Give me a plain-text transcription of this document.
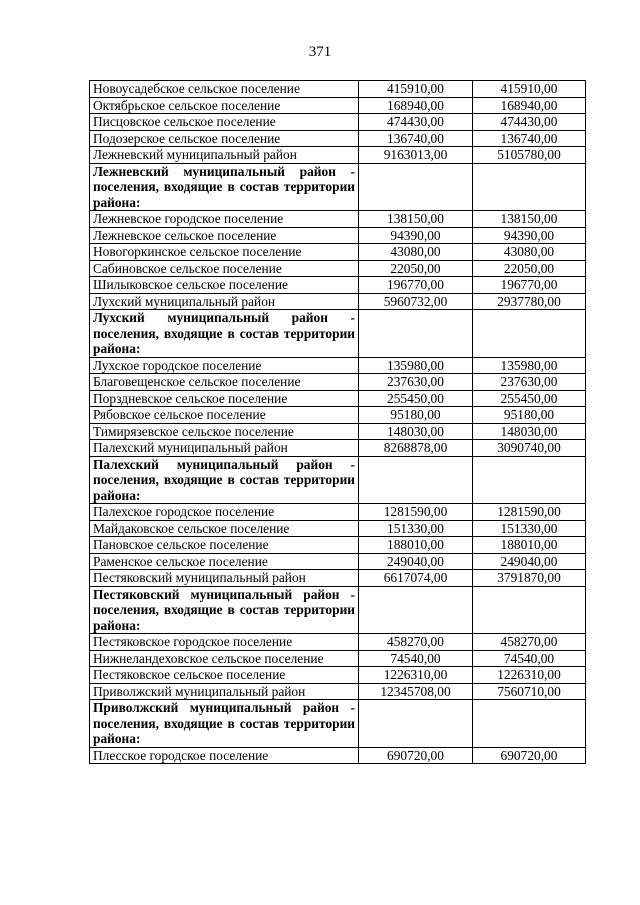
371
Новоусадебское сельское поселение	415910,00	415910,00
Октябрьское сельское поселение	168940,00	168940,00
Писцовское сельское поселение	474430,00	474430,00
Подозерское сельское поселение	136740,00	136740,00
Лежневский муниципальный район	9163013,00	5105780,00
Лежневский муниципальный район - поселения, входящие в состав территории района:		
Лежневское городское поселение	138150,00	138150,00
Лежневское сельское поселение	94390,00	94390,00
Новогоркинское сельское поселение	43080,00	43080,00
Сабиновское сельское поселение	22050,00	22050,00
Шилыковское сельское поселение	196770,00	196770,00
Лухский муниципальный район	5960732,00	2937780,00
Лухский муниципальный район - поселения, входящие в состав территории района:		
Лухское городское поселение	135980,00	135980,00
Благовещенское сельское поселение	237630,00	237630,00
Порздневское сельское поселение	255450,00	255450,00
Рябовское сельское поселение	95180,00	95180,00
Тимирязевское сельское поселение	148030,00	148030,00
Палехский муниципальный район	8268878,00	3090740,00
Палехский муниципальный район - поселения, входящие в состав территории района:		
Палехское городское поселение	1281590,00	1281590,00
Майдаковское сельское поселение	151330,00	151330,00
Пановское сельское поселение	188010,00	188010,00
Раменское сельское поселение	249040,00	249040,00
Пестяковский муниципальный район	6617074,00	3791870,00
Пестяковский муниципальный район - поселения, входящие в состав территории района:		
Пестяковское городское поселение	458270,00	458270,00
Нижнеландеховское сельское поселение	74540,00	74540,00
Пестяковское сельское поселение	1226310,00	1226310,00
Приволжский муниципальный район	12345708,00	7560710,00
Приволжский муниципальный район - поселения, входящие в состав территории района:		
Плесское городское поселение	690720,00	690720,00
